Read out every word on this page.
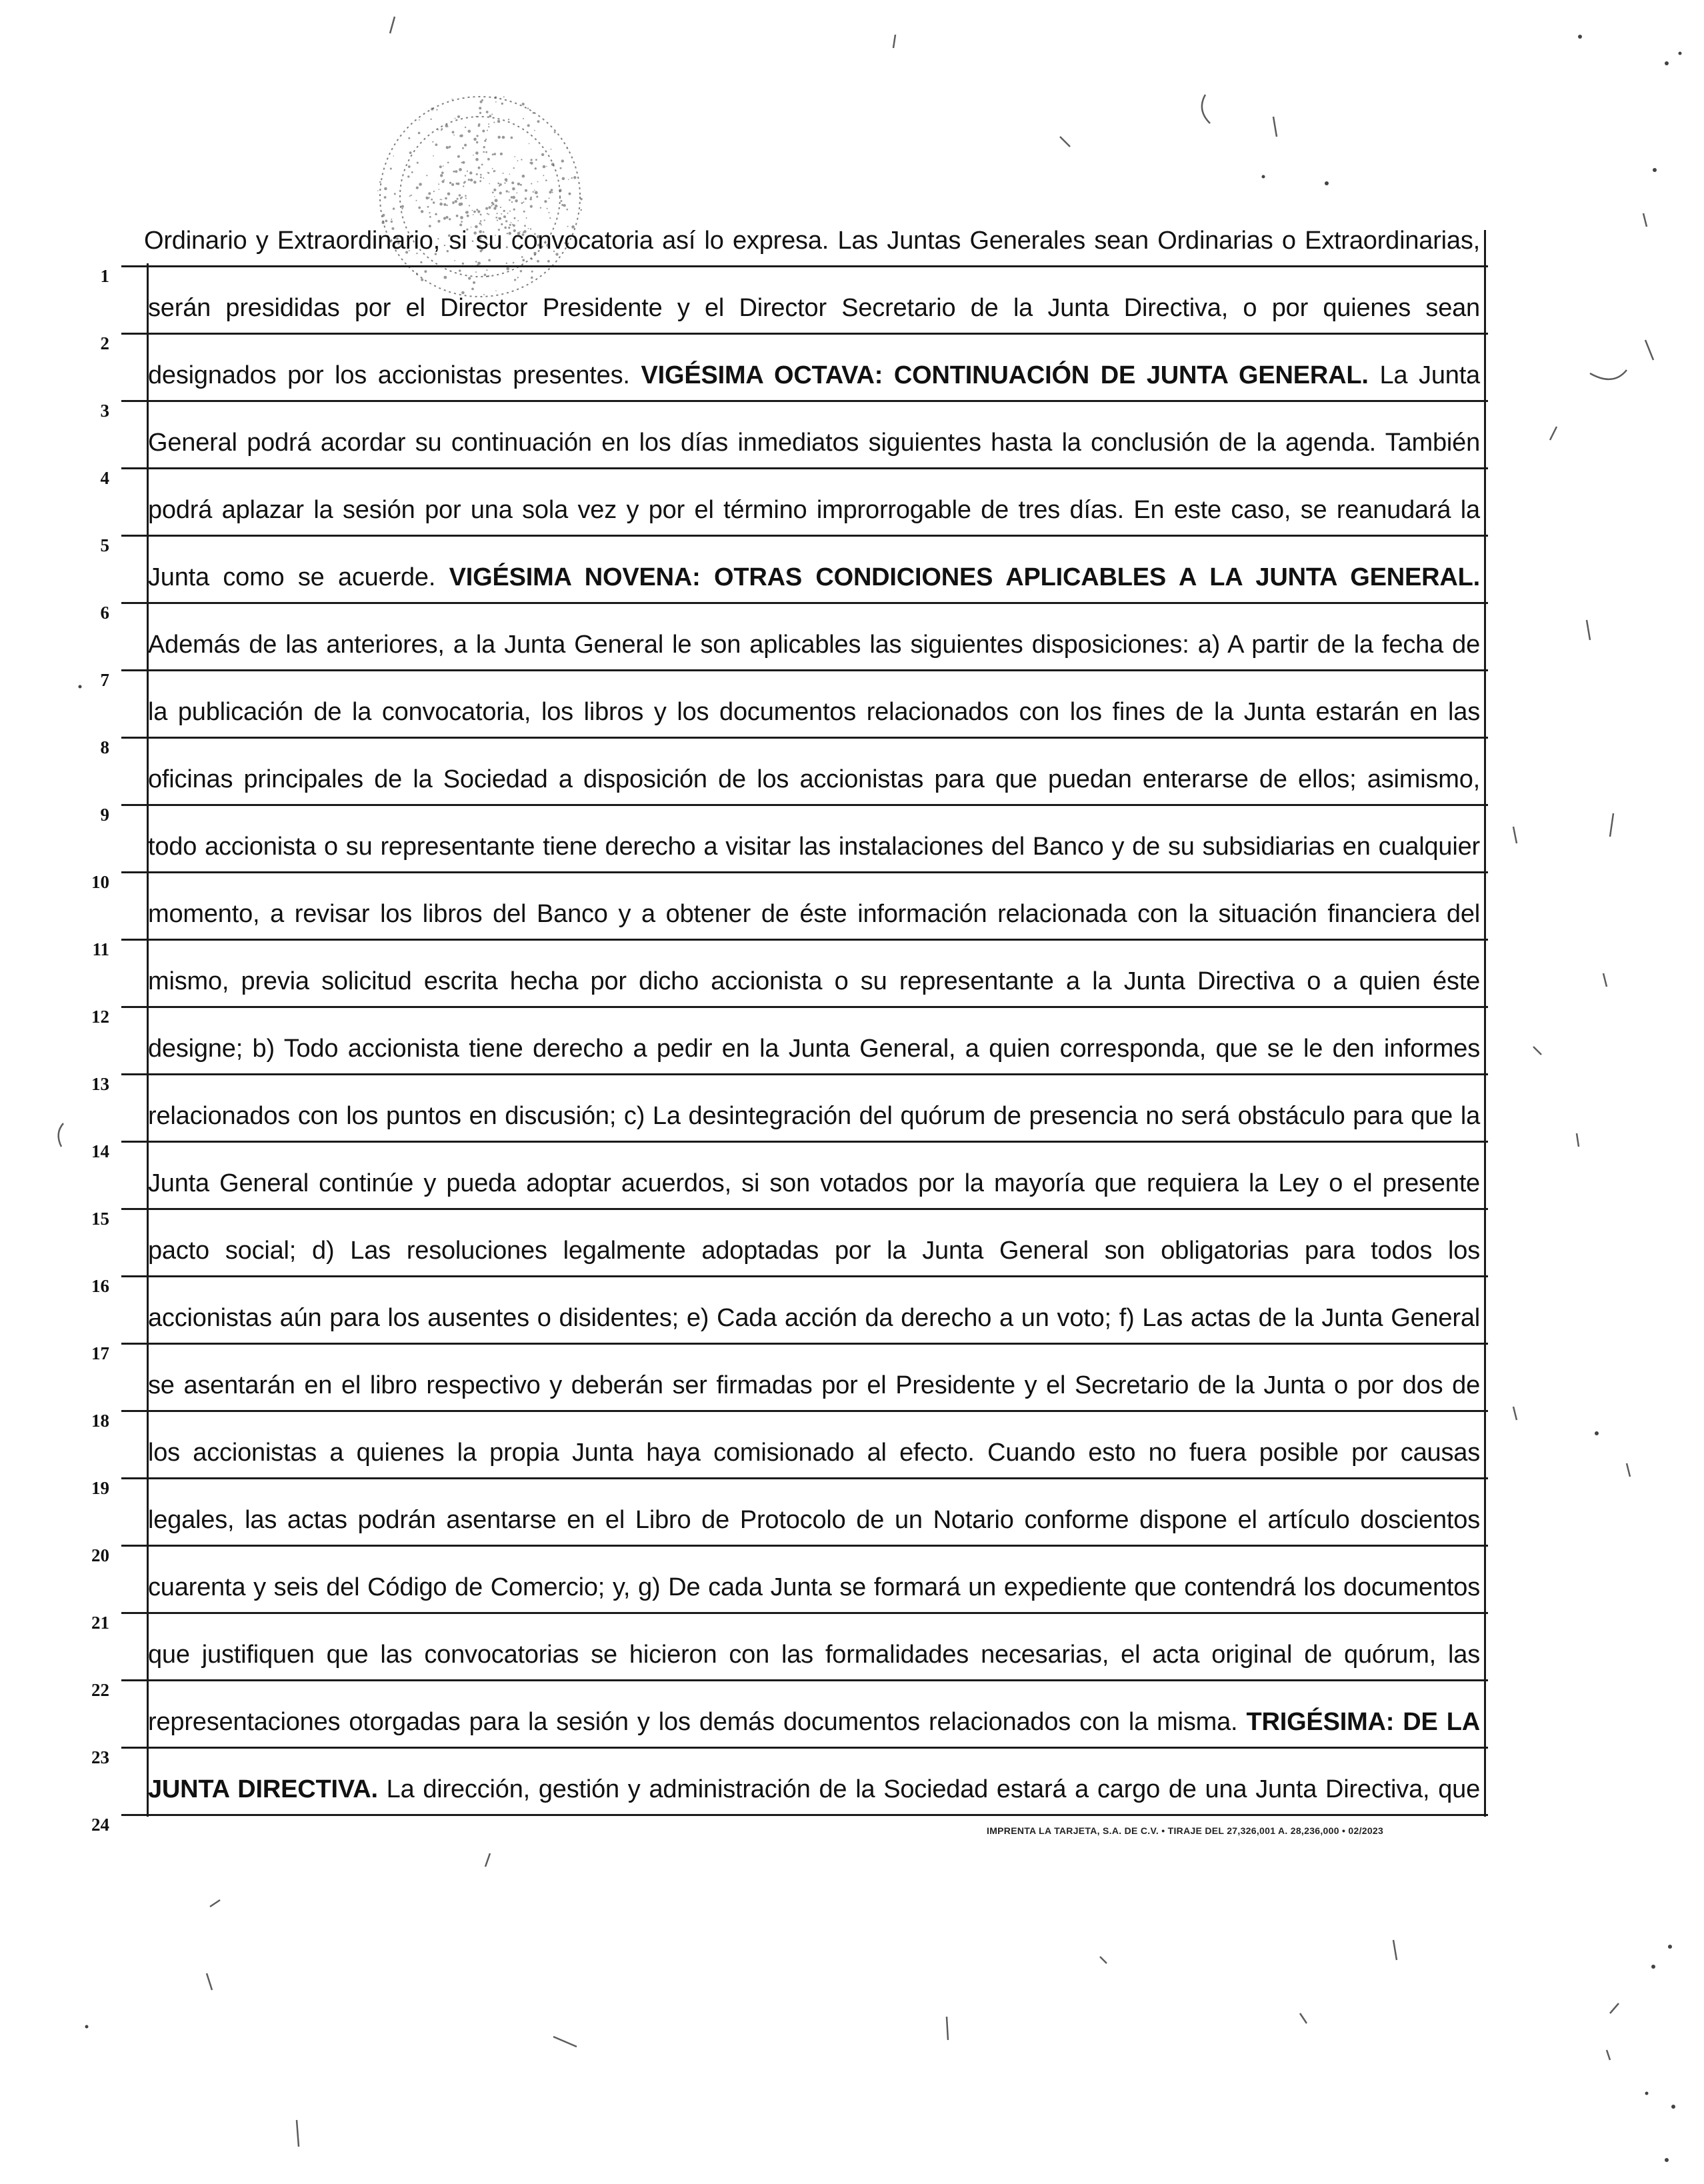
Ordinario y Extraordinario, si su convocatoria así lo expresa. Las Juntas Generales sean Ordinarias o Extraordinarias,
1
serán presididas por el Director Presidente y el Director Secretario de la Junta Directiva, o por quienes sean
2
designados por los accionistas presentes. VIGÉSIMA OCTAVA: CONTINUACIÓN DE JUNTA GENERAL. La Junta
3
General podrá acordar su continuación en los días inmediatos siguientes hasta la conclusión de la agenda. También
4
podrá aplazar la sesión por una sola vez y por el término improrrogable de tres días. En este caso, se reanudará la
5
Junta como se acuerde. VIGÉSIMA NOVENA: OTRAS CONDICIONES APLICABLES A LA JUNTA GENERAL.
6
Además de las anteriores, a la Junta General le son aplicables las siguientes disposiciones: a) A partir de la fecha de
7
la publicación de la convocatoria, los libros y los documentos relacionados con los fines de la Junta estarán en las
8
oficinas principales de la Sociedad a disposición de los accionistas para que puedan enterarse de ellos; asimismo,
9
todo accionista o su representante tiene derecho a visitar las instalaciones del Banco y de su subsidiarias en cualquier
10
momento, a revisar los libros del Banco y a obtener de éste información relacionada con la situación financiera del
11
mismo, previa solicitud escrita hecha por dicho accionista o su representante a la Junta Directiva o a quien éste
12
designe; b) Todo accionista tiene derecho a pedir en la Junta General, a quien corresponda, que se le den informes
13
relacionados con los puntos en discusión; c) La desintegración del quórum de presencia no será obstáculo para que la
14
Junta General continúe y pueda adoptar acuerdos, si son votados por la mayoría que requiera la Ley o el presente
15
pacto social; d) Las resoluciones legalmente adoptadas por la Junta General son obligatorias para todos los
16
accionistas aún para los ausentes o disidentes; e) Cada acción da derecho a un voto; f) Las actas de la Junta General
17
se asentarán en el libro respectivo y deberán ser firmadas por el Presidente y el Secretario de la Junta o por dos de
18
los accionistas a quienes la propia Junta haya comisionado al efecto. Cuando esto no fuera posible por causas
19
legales, las actas podrán asentarse en el Libro de Protocolo de un Notario conforme dispone el artículo doscientos
20
cuarenta y seis del Código de Comercio; y, g) De cada Junta se formará un expediente que contendrá los documentos
21
que justifiquen que las convocatorias se hicieron con las formalidades necesarias, el acta original de quórum, las
22
representaciones otorgadas para la sesión y los demás documentos relacionados con la misma. TRIGÉSIMA: DE LA
23
JUNTA DIRECTIVA. La dirección, gestión y administración de la Sociedad estará a cargo de una Junta Directiva, que
24	IMPRENTA LA TARJETA, S.A. DE C.V. • TIRAJE DEL 27,326,001 A. 28,236,000 • 02/2023
